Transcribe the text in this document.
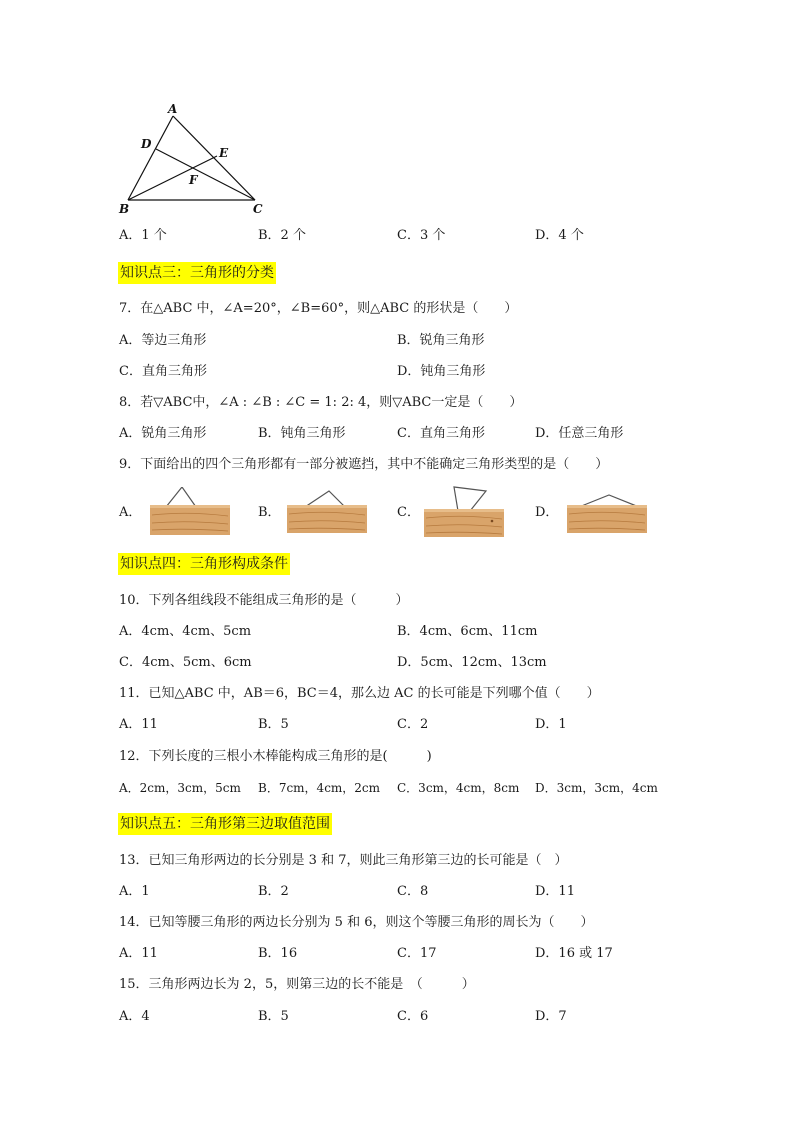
A
D
E
F
B	C
A．1 个	B．2 个	C．3 个	D．4 个
知识点三：三角形的分类
7．在△ABC 中，∠A=20°，∠B=60°，则△ABC 的形状是（　　）
A．等边三角形	B．锐角三角形
C．直角三角形	D．钝角三角形
8．若▽ABC中，∠A : ∠B : ∠C = 1: 2: 4，则▽ABC一定是（　　）
A．锐角三角形	B．钝角三角形	C．直角三角形	D．任意三角形
9．下面给出的四个三角形都有一部分被遮挡，其中不能确定三角形类型的是（　　）
A．	B．	C．	D．
知识点四：三角形构成条件
10．下列各组线段不能组成三角形的是（　　　）
A．4cm、4cm、5cm	B．4cm、6cm、11cm
C．4cm、5cm、6cm	D．5cm、12cm、13cm
11．已知△ABC 中，AB＝6，BC＝4，那么边 AC 的长可能是下列哪个值（　　）
A．11	B．5	C．2	D．1
12．下列长度的三根小木棒能构成三角形的是(　　　)
A．2cm，3cm，5cm B．7cm，4cm，2cm C．3cm，4cm，8cm D．3cm，3cm，4cm
知识点五：三角形第三边取值范围
13．已知三角形两边的长分别是 3 和 7，则此三角形第三边的长可能是（　）
A．1	B．2	C．8	D．11
14．已知等腰三角形的两边长分别为 5 和 6，则这个等腰三角形的周长为（　　）
A．11	B．16	C．17	D．16 或 17
15．三角形两边长为 2，5，则第三边的长不能是　（　　　）
A．4	B．5	C．6	D．7
